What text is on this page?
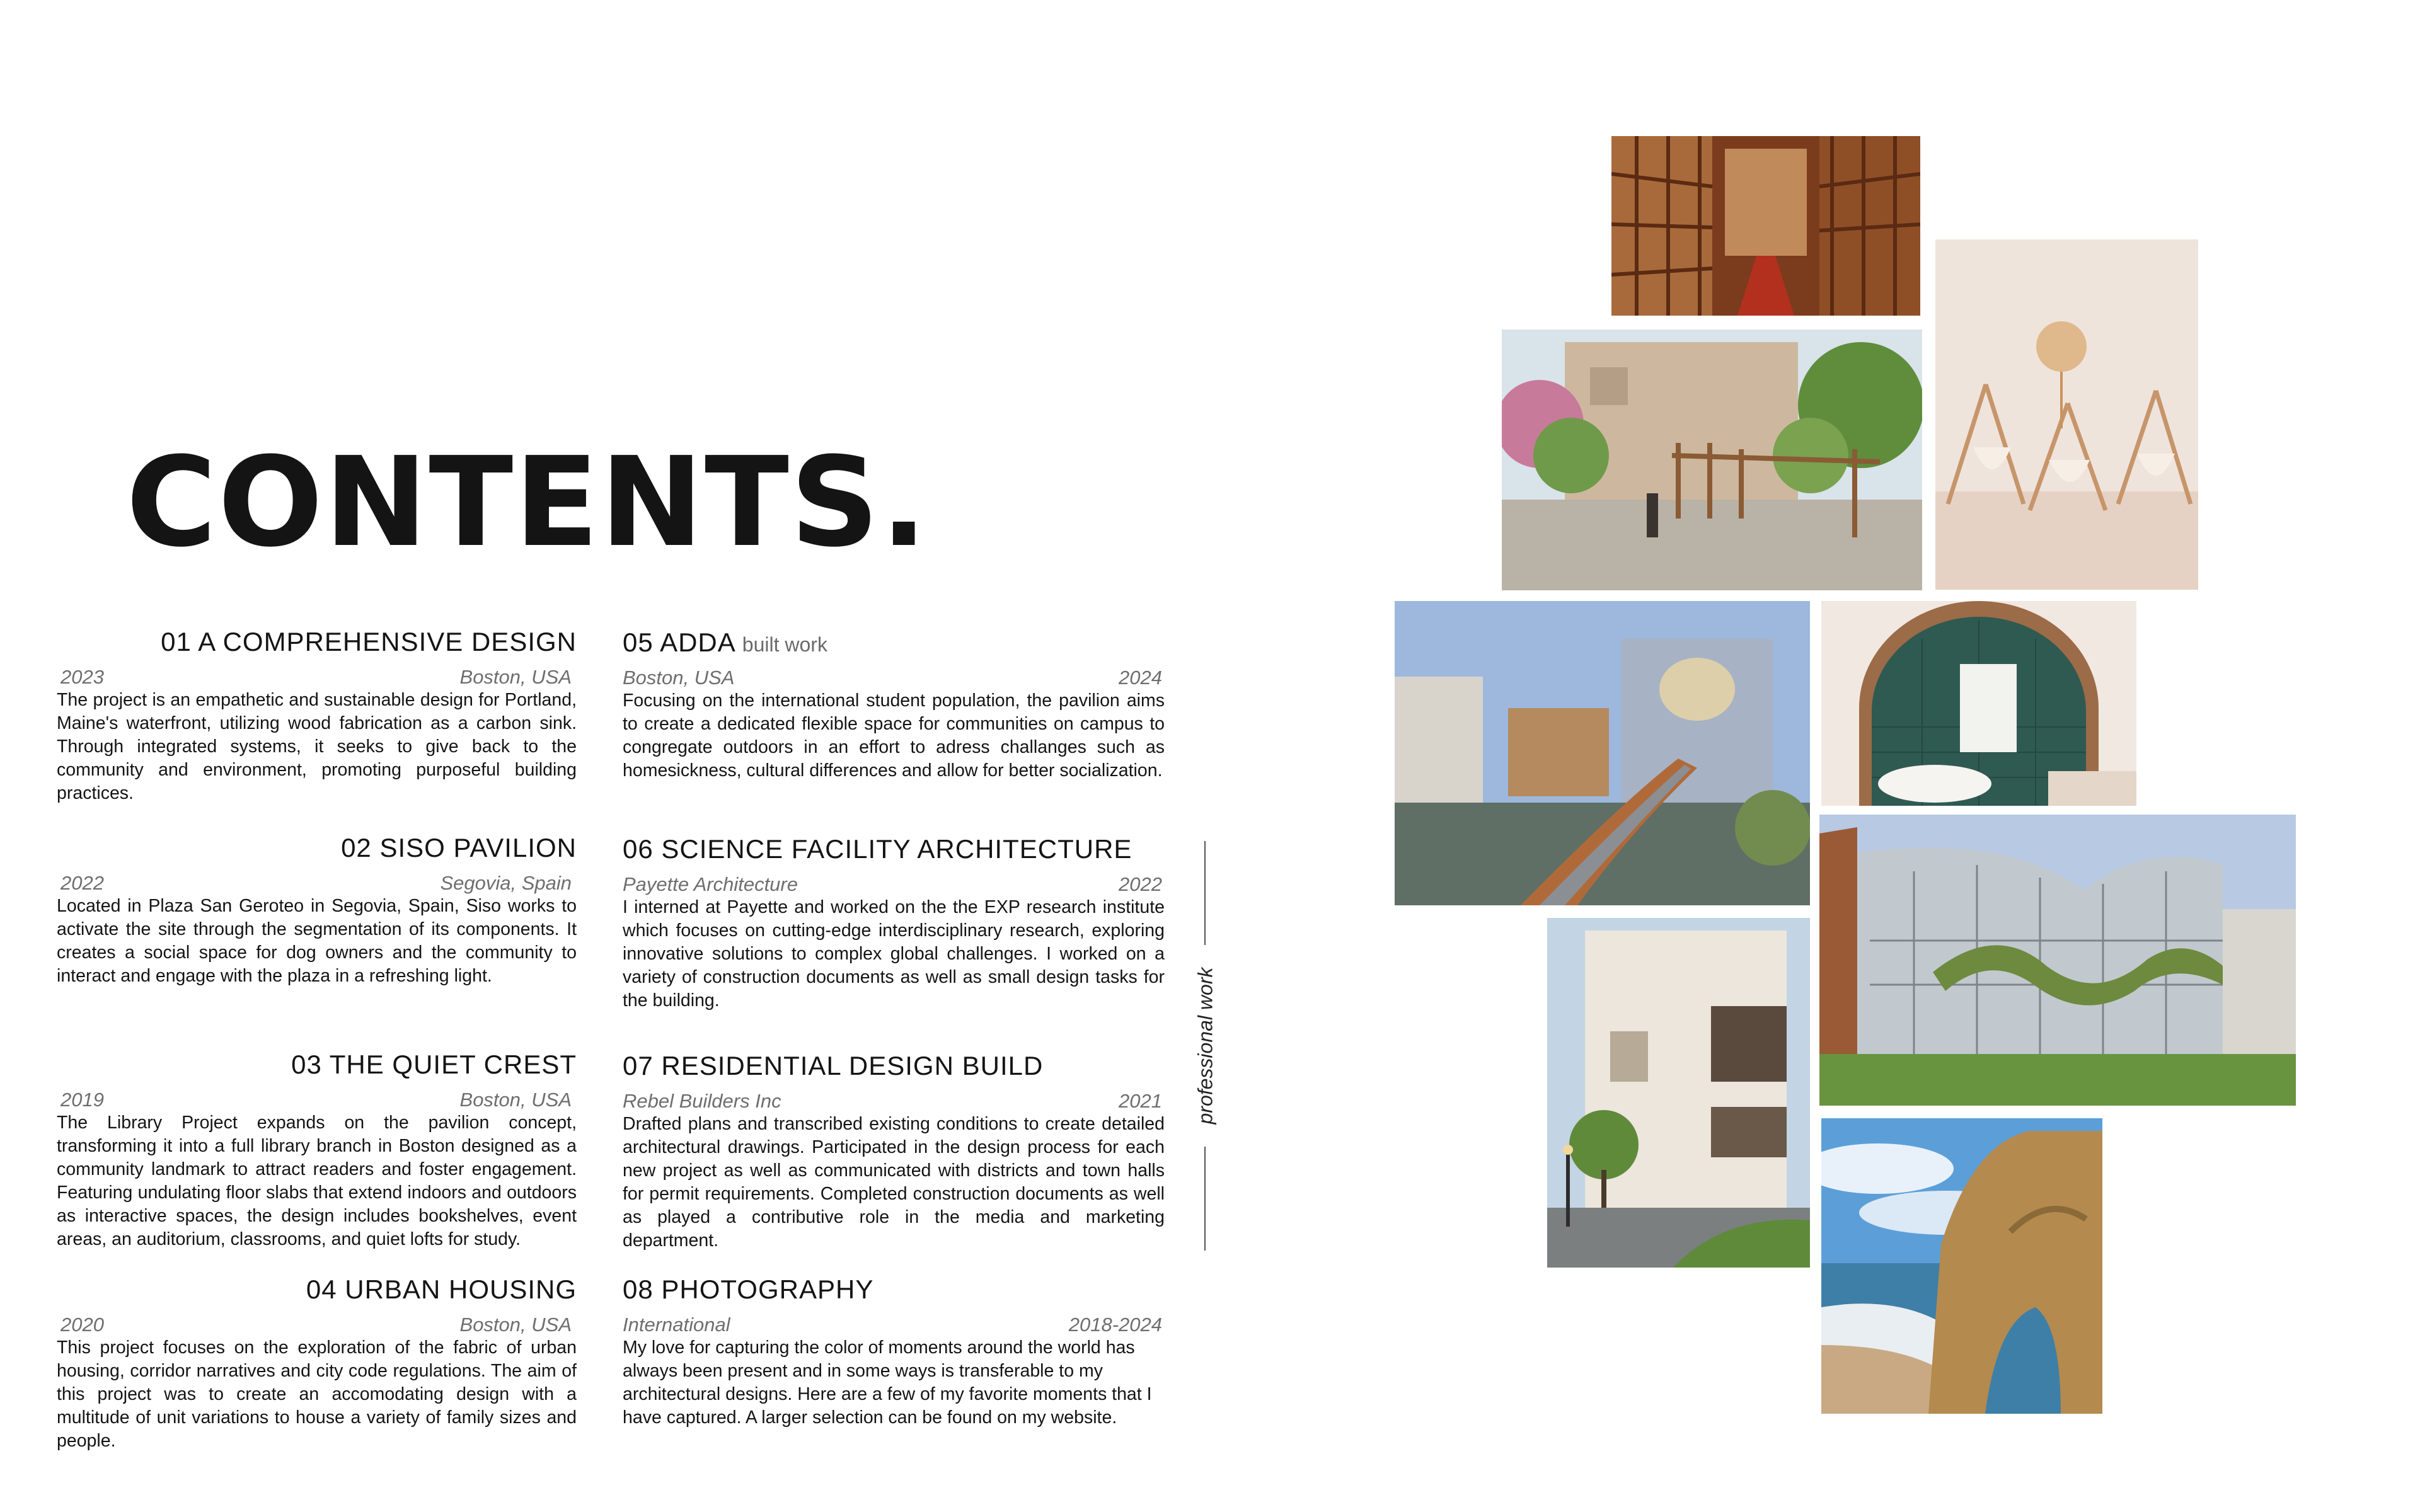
CONTENTS.

01 A COMPREHENSIVE DESIGN

2023	Boston, USA

The project is an empathetic and sustainable design for Portland, Maine's waterfront, utilizing wood fabrication as a carbon sink. Through integrated systems, it seeks to give back to the community and environment, promoting purposeful building practices.

02 SISO PAVILION

2022	Segovia, Spain

Located in Plaza San Geroteo in Segovia, Spain, Siso works to activate the site through the segmentation of its components. It creates a social space for dog owners and the community to interact and engage with the plaza in a refreshing light.

03 THE QUIET CREST

2019	Boston, USA

The Library Project expands on the pavilion concept, transforming it into a full library branch in Boston designed as a community landmark to attract readers and foster engagement. Featuring undulating floor slabs that extend indoors and outdoors as interactive spaces, the design includes bookshelves, event areas, an auditorium, classrooms, and quiet lofts for study.

04 URBAN HOUSING

2020	Boston, USA

This project focuses on the exploration of the fabric of urban housing, corridor narratives and city code regulations. The aim of this project was to create an accomodating design with a multitude of unit variations to house a variety of family sizes and people.

05 ADDA built work

Boston, USA	2024

Focusing on the international student population, the pavilion aims to create a dedicated flexible space for communities on campus to congregate outdoors in an effort to adress challanges such as homesickness, cultural differences and allow for better socialization.

06 SCIENCE FACILITY ARCHITECTURE

Payette Architecture	2022

I interned at Payette and worked on the the EXP research institute which focuses on cutting-edge interdisciplinary research, exploring innovative solutions to complex global challenges. I worked on a variety of construction documents as well as small design tasks for the building.

07 RESIDENTIAL DESIGN BUILD

Rebel Builders Inc	2021

Drafted plans and transcribed existing conditions to create detailed architectural drawings. Participated in the design process for each new project as well as communicated with districts and town halls for permit requirements. Completed construction documents as well as played a contributive role in the media and marketing department.

08 PHOTOGRAPHY

International	2018-2024

My love for capturing the color of moments around the world has always been present and in some ways is transferable to my architectural designs. Here are a few of my favorite moments that I have captured. A larger selection can be found on my website.

professional work
